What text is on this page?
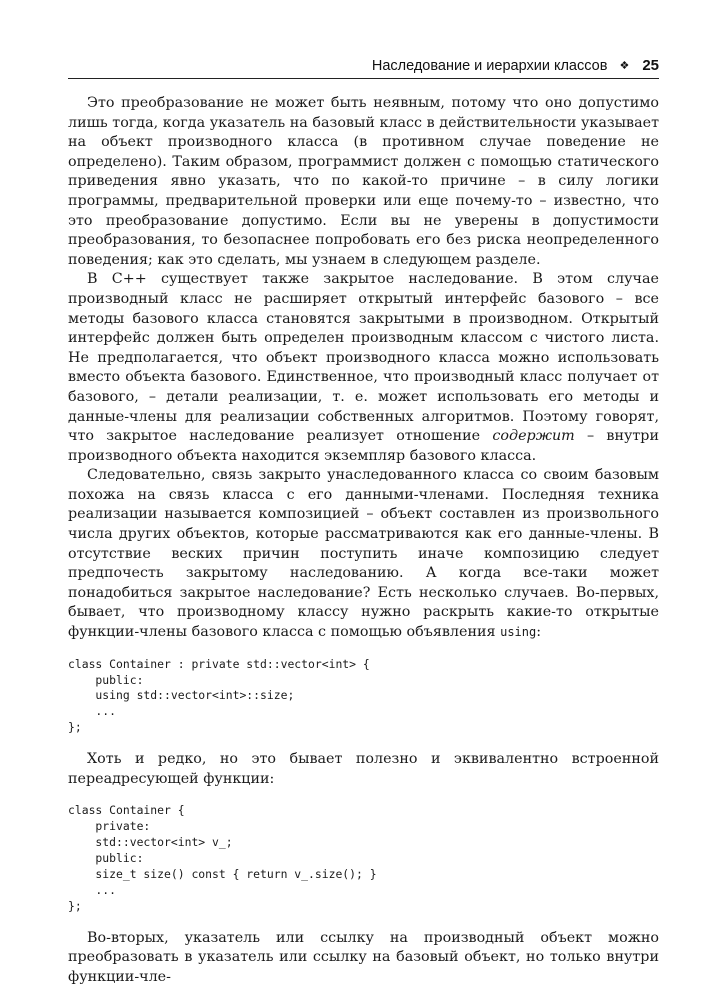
Наследование и иерархии классов ❖ 25

Это преобразование не может быть неявным, потому что оно допустимо лишь тогда, когда указатель на базовый класс в действительности указывает на объект производного класса (в противном случае поведение не определено). Таким образом, программист должен с помощью статического приведения явно указать, что по какой-то причине – в силу логики программы, предварительной проверки или еще почему-то – известно, что это преобразование допустимо. Если вы не уверены в допустимости преобразования, то безопаснее попробовать его без риска неопределенного поведения; как это сделать, мы узнаем в следующем разделе.

В C++ существует также закрытое наследование. В этом случае производный класс не расширяет открытый интерфейс базового – все методы базового класса становятся закрытыми в производном. Открытый интерфейс должен быть определен производным классом с чистого листа. Не предполагается, что объект производного класса можно использовать вместо объекта базового. Единственное, что производный класс получает от базового, – детали реализации, т. е. может использовать его методы и данные-члены для реализации собственных алгоритмов. Поэтому говорят, что закрытое наследование реализует отношение содержит – внутри производного объекта находится экземпляр базового класса.

Следовательно, связь закрыто унаследованного класса со своим базовым похожа на связь класса с его данными-членами. Последняя техника реализации называется композицией – объект составлен из произвольного числа других объектов, которые рассматриваются как его данные-члены. В отсутствие веских причин поступить иначе композицию следует предпочесть закрытому наследованию. А когда все-таки может понадобиться закрытое наследование? Есть несколько случаев. Во-первых, бывает, что производному классу нужно раскрыть какие-то открытые функции-члены базового класса с помощью объявления using:

class Container : private std::vector<int> {
public:
using std::vector<int>::size;
...
};

Хоть и редко, но это бывает полезно и эквивалентно встроенной переадресующей функции:

class Container {
private:
std::vector<int> v_;
public:
size_t size() const { return v_.size(); }
...
};

Во-вторых, указатель или ссылку на производный объект можно преобразовать в указатель или ссылку на базовый объект, но только внутри функции-чле-
